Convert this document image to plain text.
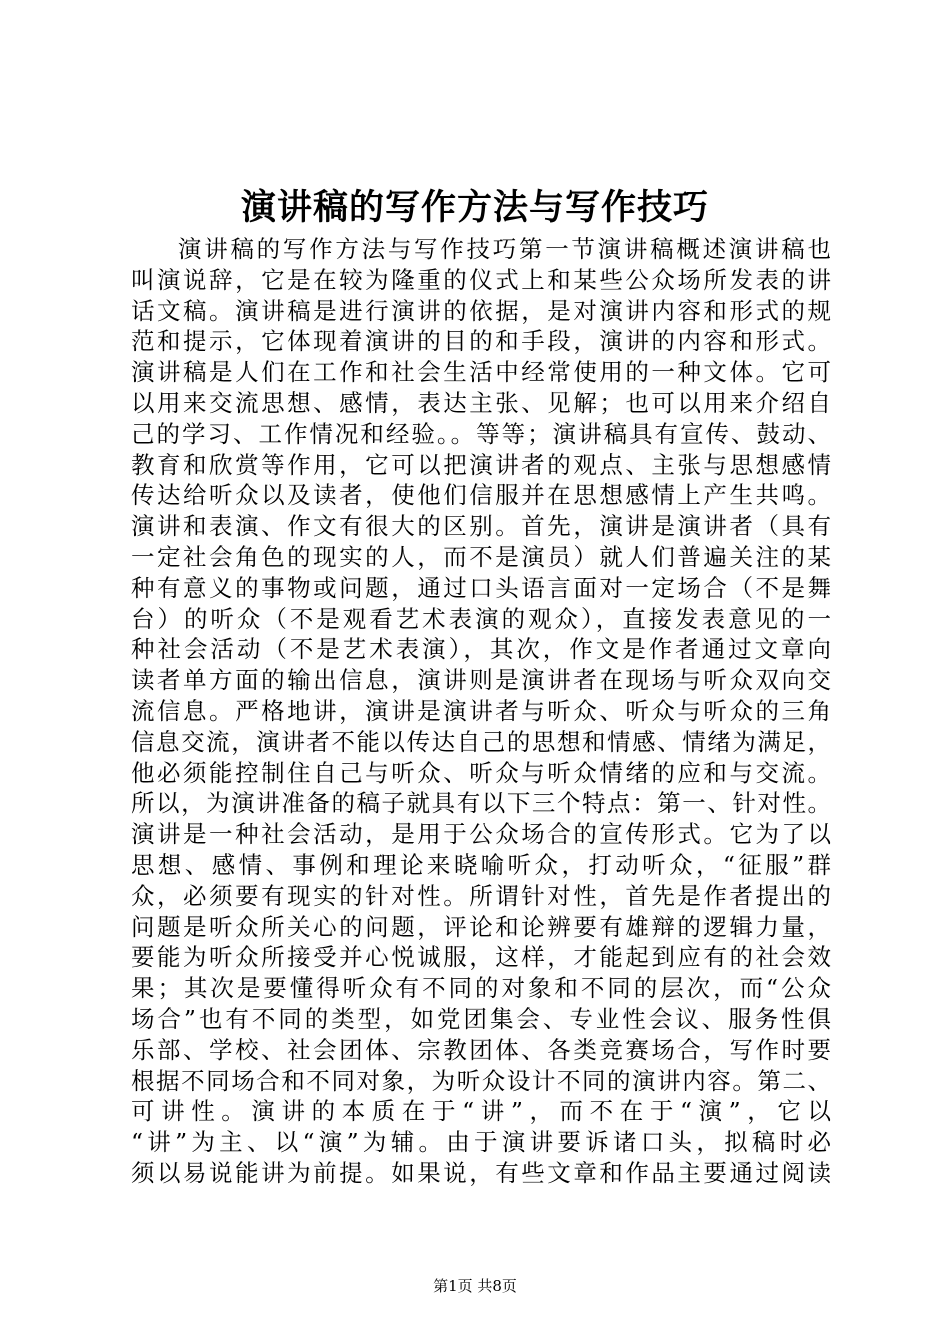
演讲稿的写作方法与写作技巧
演讲稿的写作方法与写作技巧第一节演讲稿概述演讲稿也
叫演说辞，它是在较为隆重的仪式上和某些公众场所发表的讲
话文稿。演讲稿是进行演讲的依据，是对演讲内容和形式的规
范和提示，它体现着演讲的目的和手段，演讲的内容和形式。
演讲稿是人们在工作和社会生活中经常使用的一种文体。它可
以用来交流思想、感情，表达主张、见解；也可以用来介绍自
己的学习、工作情况和经验。。等等；演讲稿具有宣传、鼓动、
教育和欣赏等作用，它可以把演讲者的观点、主张与思想感情
传达给听众以及读者，使他们信服并在思想感情上产生共鸣。
演讲和表演、作文有很大的区别。首先，演讲是演讲者（具有
一定社会角色的现实的人，而不是演员）就人们普遍关注的某
种有意义的事物或问题，通过口头语言面对一定场合（不是舞
台）的听众（不是观看艺术表演的观众），直接发表意见的一
种社会活动（不是艺术表演），其次，作文是作者通过文章向
读者单方面的输出信息，演讲则是演讲者在现场与听众双向交
流信息。严格地讲，演讲是演讲者与听众、听众与听众的三角
信息交流，演讲者不能以传达自己的思想和情感、情绪为满足，
他必须能控制住自己与听众、听众与听众情绪的应和与交流。
所以，为演讲准备的稿子就具有以下三个特点：第一、针对性。
演讲是一种社会活动，是用于公众场合的宣传形式。它为了以
思想、感情、事例和理论来晓喻听众，打动听众，“征服”群
众，必须要有现实的针对性。所谓针对性，首先是作者提出的
问题是听众所关心的问题，评论和论辨要有雄辩的逻辑力量，
要能为听众所接受并心悦诚服，这样，才能起到应有的社会效
果；其次是要懂得听众有不同的对象和不同的层次，而“公众
场合”也有不同的类型，如党团集会、专业性会议、服务性俱
乐部、学校、社会团体、宗教团体、各类竞赛场合，写作时要
根据不同场合和不同对象，为听众设计不同的演讲内容。第二、
可讲性。演讲的本质在于“讲”，而不在于“演”，它以
“讲”为主、以“演”为辅。由于演讲要诉诸口头，拟稿时必
须以易说能讲为前提。如果说，有些文章和作品主要通过阅读
第1页 共8页
